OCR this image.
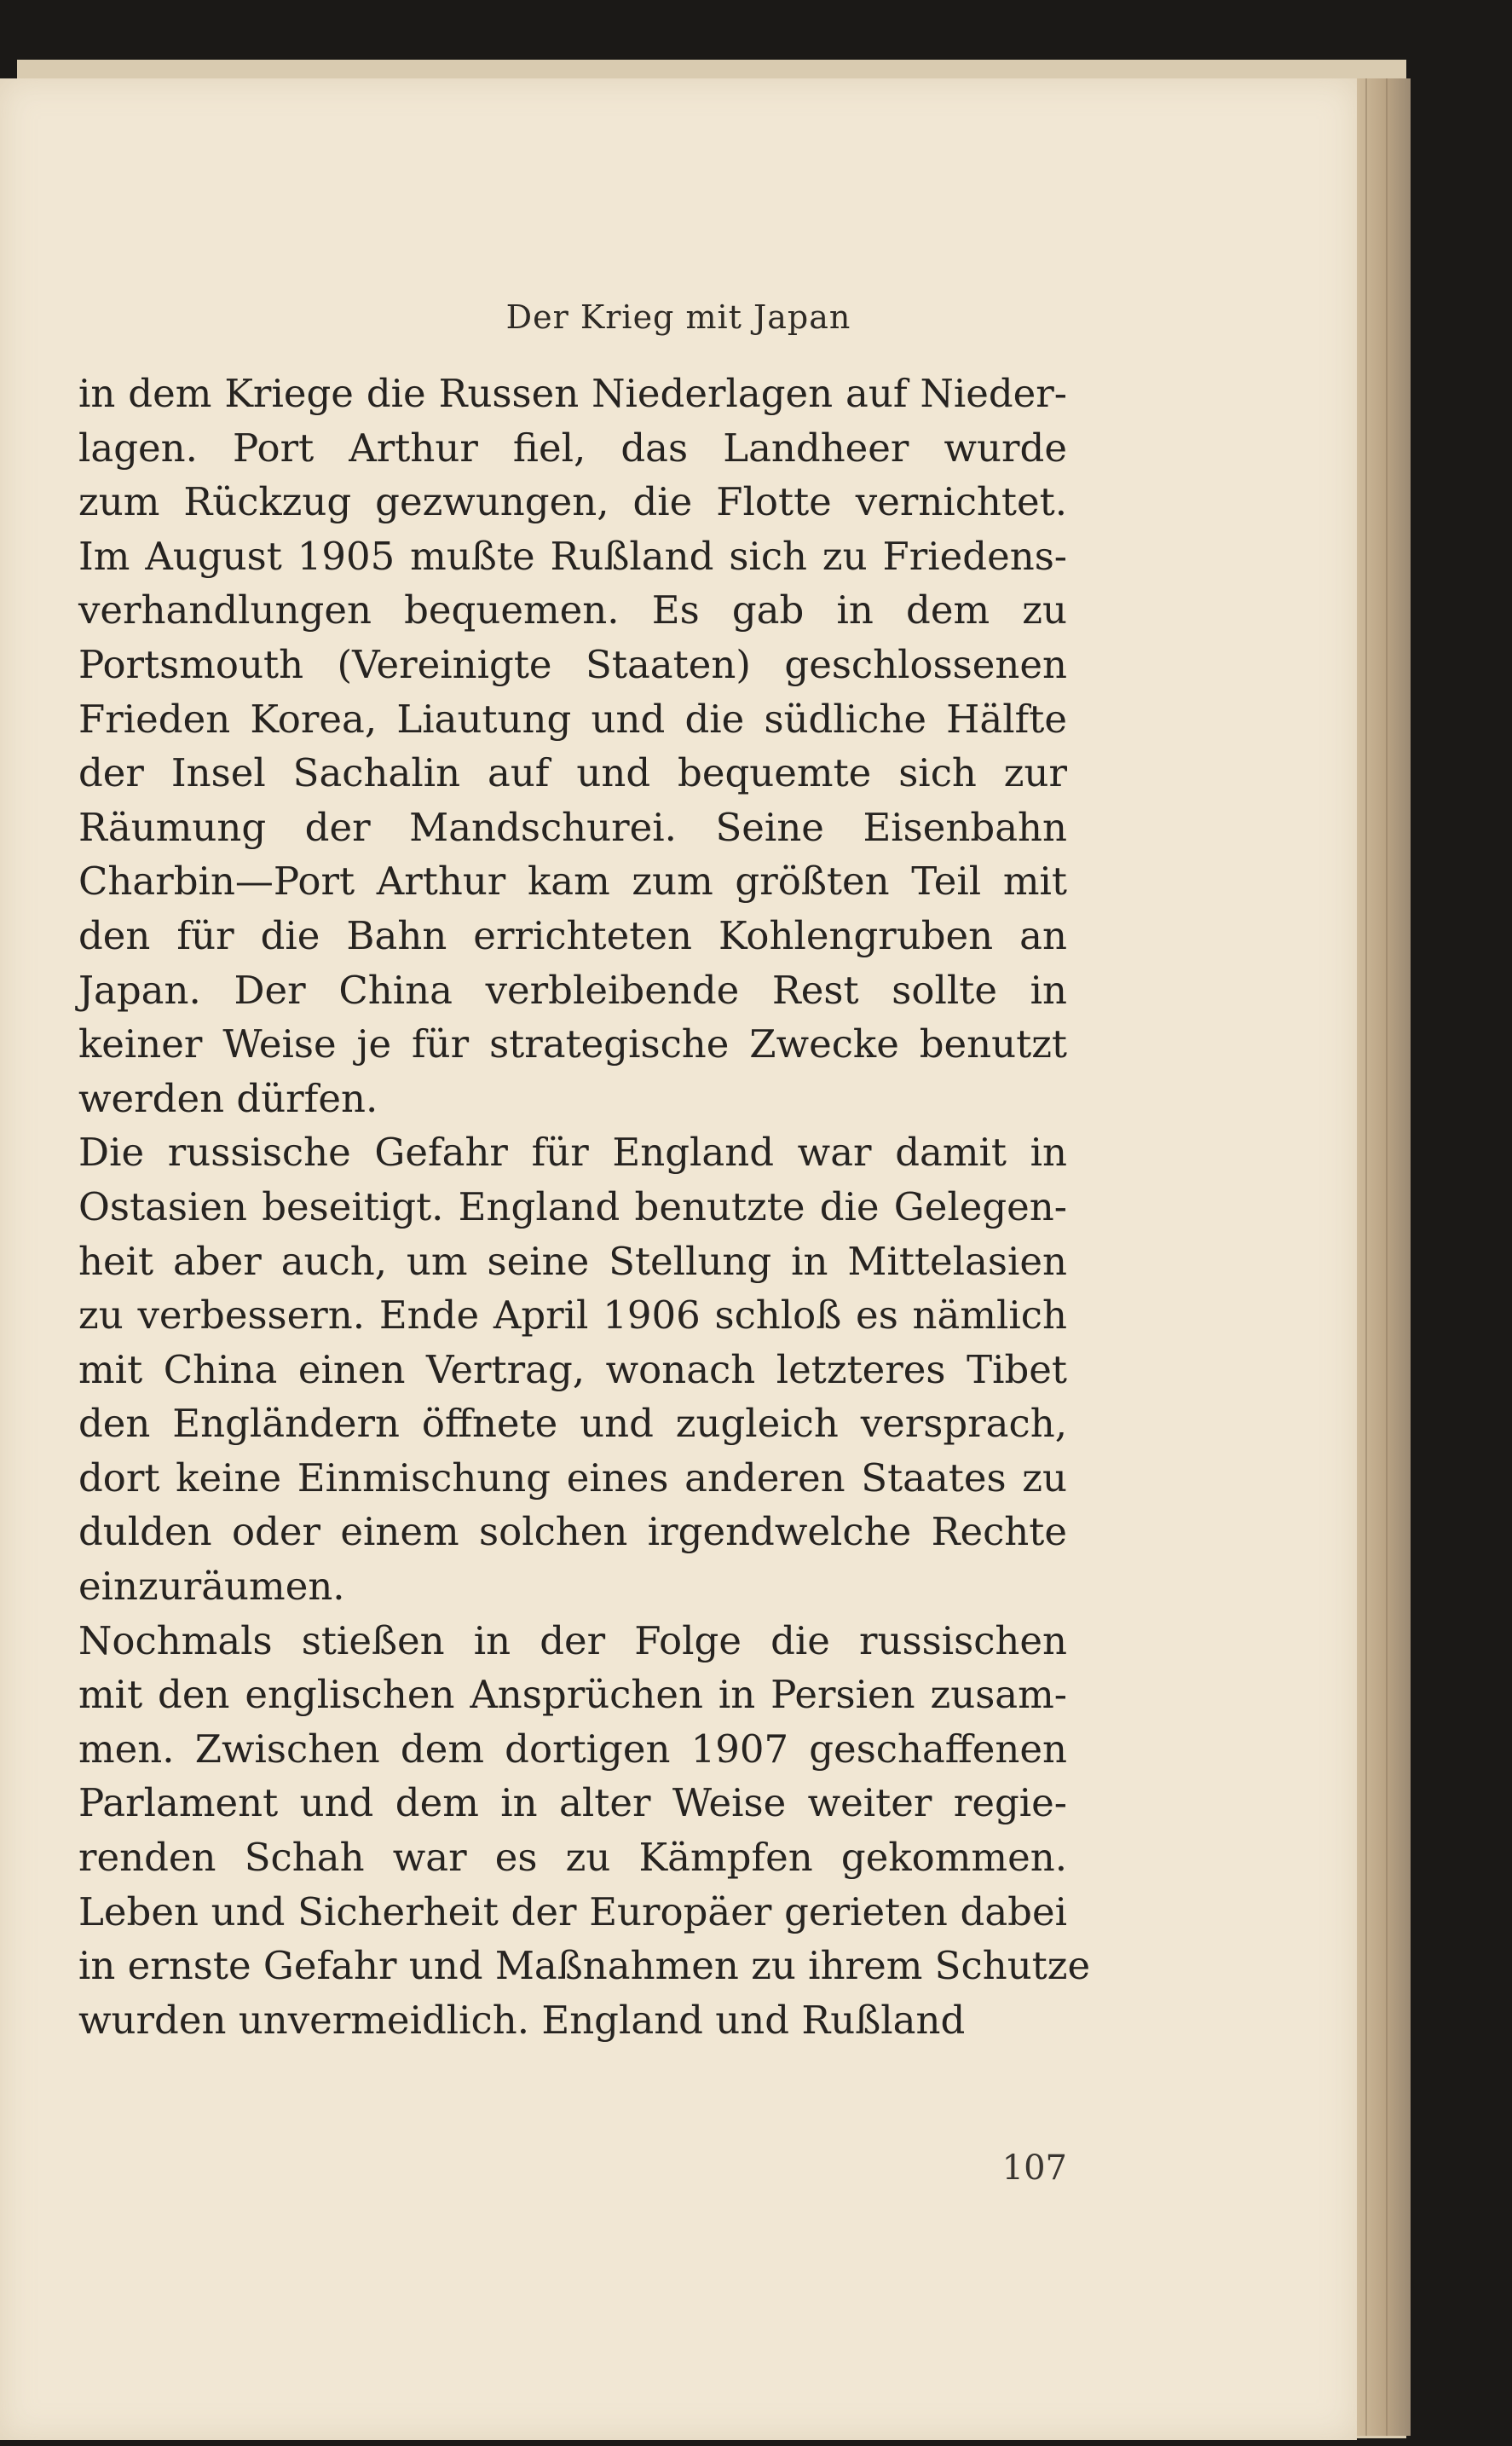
Der Krieg mit Japan
in dem Kriege die Russen Niederlagen auf Nieder-
lagen. Port Arthur fiel, das Landheer wurde
zum Rückzug gezwungen, die Flotte vernichtet.
Im August 1905 mußte Rußland sich zu Friedens-
verhandlungen bequemen. Es gab in dem zu
Portsmouth (Vereinigte Staaten) geschlossenen
Frieden Korea, Liautung und die südliche Hälfte
der Insel Sachalin auf und bequemte sich zur
Räumung der Mandschurei. Seine Eisenbahn
Charbin—Port Arthur kam zum größten Teil mit
den für die Bahn errichteten Kohlengruben an
Japan. Der China verbleibende Rest sollte in
keiner Weise je für strategische Zwecke benutzt
werden dürfen.
Die russische Gefahr für England war damit in
Ostasien beseitigt. England benutzte die Gelegen-
heit aber auch, um seine Stellung in Mittelasien
zu verbessern. Ende April 1906 schloß es nämlich
mit China einen Vertrag, wonach letzteres Tibet
den Engländern öffnete und zugleich versprach,
dort keine Einmischung eines anderen Staates zu
dulden oder einem solchen irgendwelche Rechte
einzuräumen.
Nochmals stießen in der Folge die russischen
mit den englischen Ansprüchen in Persien zusam-
men. Zwischen dem dortigen 1907 geschaffenen
Parlament und dem in alter Weise weiter regie-
renden Schah war es zu Kämpfen gekommen.
Leben und Sicherheit der Europäer gerieten dabei
in ernste Gefahr und Maßnahmen zu ihrem Schutze
wurden unvermeidlich. England und Rußland
107
